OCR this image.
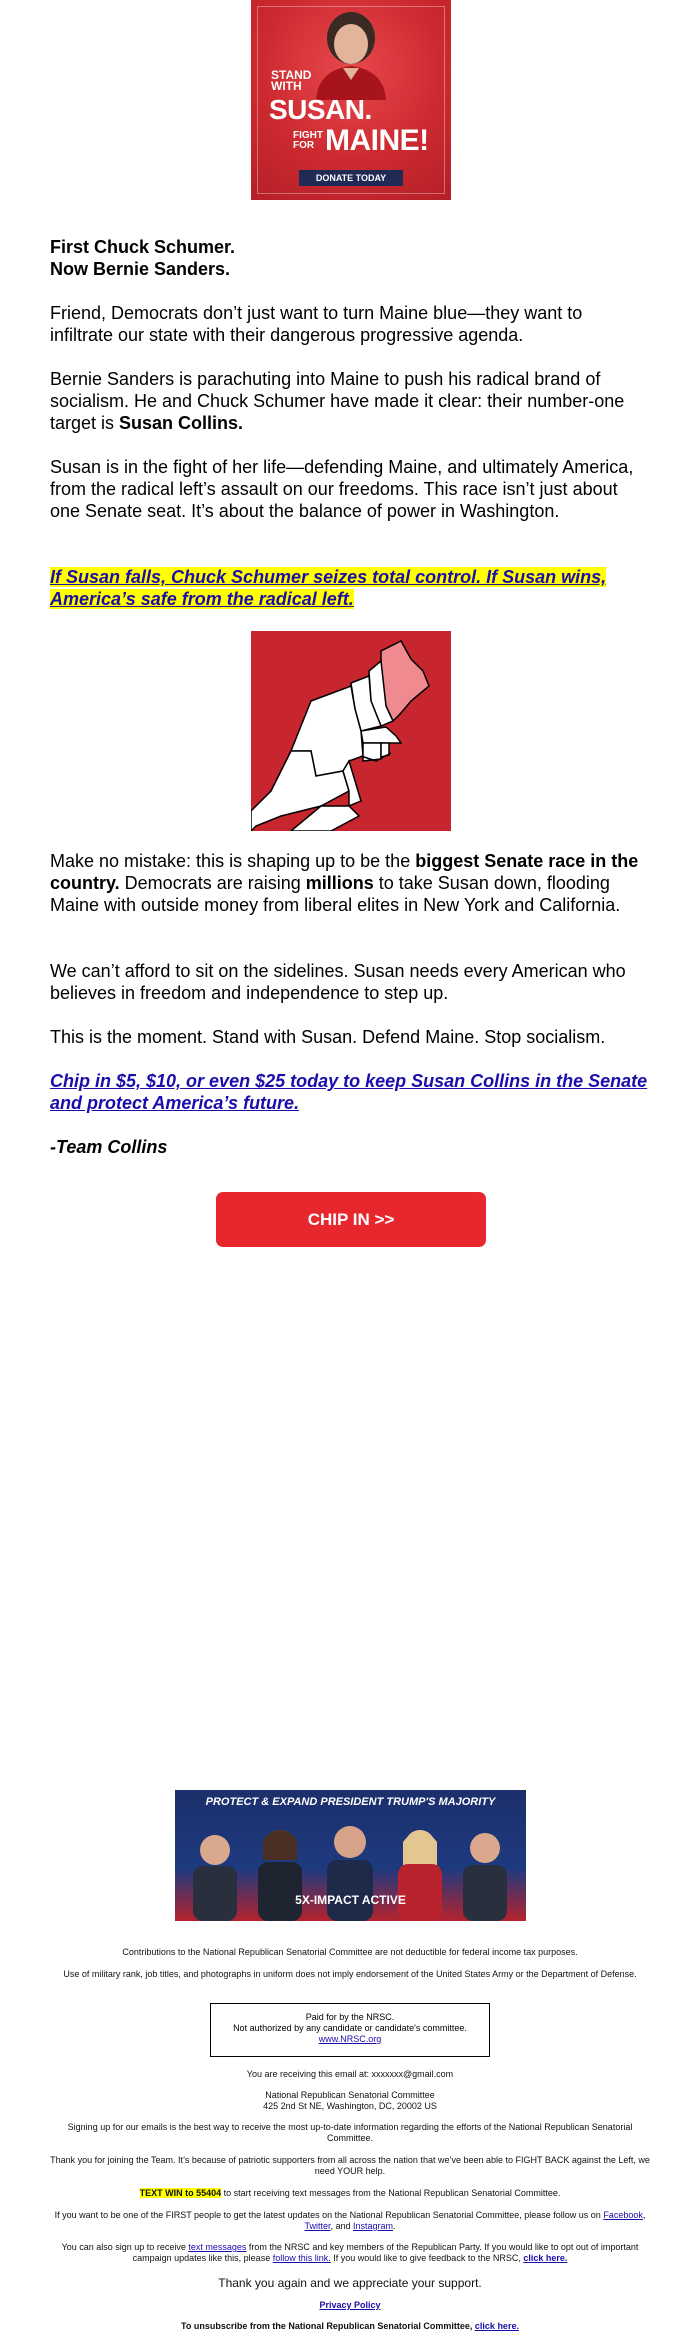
STAND WITH
SUSAN.
FIGHT FOR MAINE!
DONATE TODAY

First Chuck Schumer.

Now Bernie Sanders.

Friend, Democrats don’t just want to turn Maine blue—they want to infiltrate our state with their dangerous progressive agenda.

Bernie Sanders is parachuting into Maine to push his radical brand of socialism. He and Chuck Schumer have made it clear: their number-one target is Susan Collins.

Susan is in the fight of her life—defending Maine, and ultimately America, from the radical left’s assault on our freedoms. This race isn’t just about one Senate seat. It’s about the balance of power in Washington.

If Susan falls, Chuck Schumer seizes total control. If Susan wins, America’s safe from the radical left.

Make no mistake: this is shaping up to be the biggest Senate race in the country. Democrats are raising millions to take Susan down, flooding Maine with outside money from liberal elites in New York and California.

We can’t afford to sit on the sidelines. Susan needs every American who believes in freedom and independence to step up.

This is the moment. Stand with Susan. Defend Maine. Stop socialism.

Chip in $5, $10, or even $25 today to keep Susan Collins in the Senate and protect America’s future.

-Team Collins

CHIP IN >>
PROTECT & EXPAND PRESIDENT TRUMP'S MAJORITY
5X-IMPACT ACTIVE
Contributions to the National Republican Senatorial Committee are not deductible for federal income tax purposes.
Use of military rank, job titles, and photographs in uniform does not imply endorsement of the United States Army or the Department of Defense.
Paid for by the NRSC.
Not authorized by any candidate or candidate's committee.
www.NRSC.org
You are receiving this email at: xxxxxxx@gmail.com
National Republican Senatorial Committee
425 2nd St NE, Washington, DC, 20002 US
Signing up for our emails is the best way to receive the most up-to-date information regarding the efforts of the National Republican Senatorial Committee.
Thank you for joining the Team. It’s because of patriotic supporters from all across the nation that we’ve been able to FIGHT BACK against the Left, we need YOUR help.
TEXT WIN to 55404 to start receiving text messages from the National Republican Senatorial Committee.
If you want to be one of the FIRST people to get the latest updates on the National Republican Senatorial Committee, please follow us on Facebook, Twitter, and Instagram.
You can also sign up to receive text messages from the NRSC and key members of the Republican Party. If you would like to opt out of important campaign updates like this, please follow this link. If you would like to give feedback to the NRSC, click here.
Thank you again and we appreciate your support.
Privacy Policy
To unsubscribe from the National Republican Senatorial Committee, click here.
